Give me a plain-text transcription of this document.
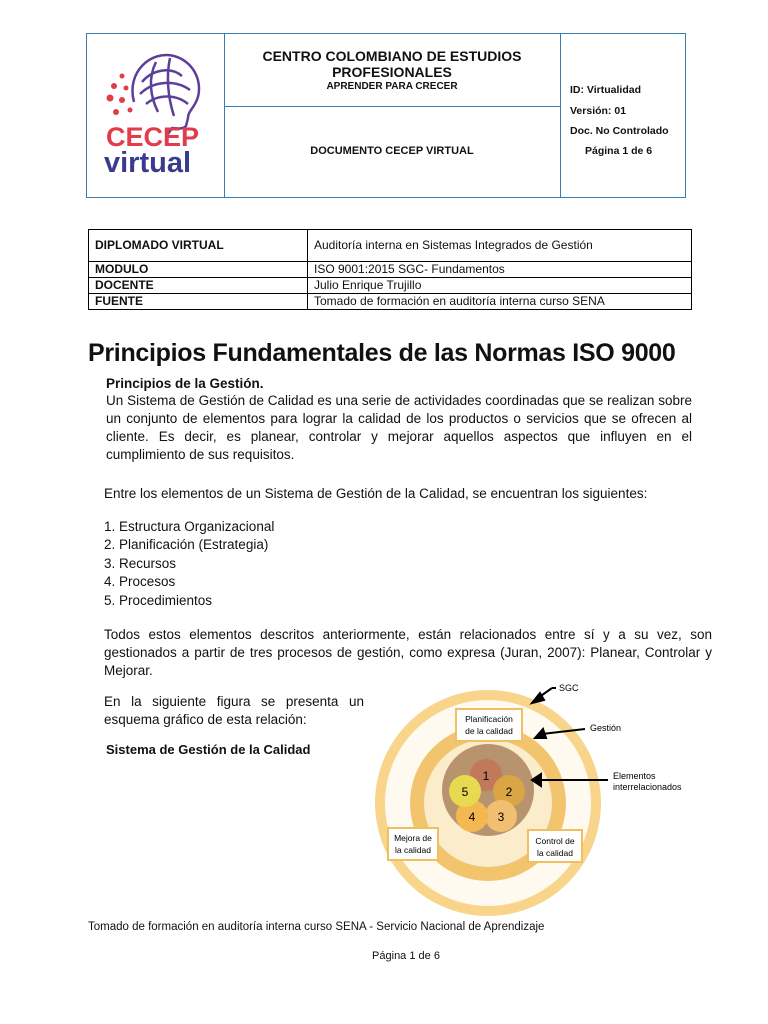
CECEP
virtual
CENTRO COLOMBIANO DE ESTUDIOS
PROFESIONALES
APRENDER PARA CRECER
DOCUMENTO CECEP VIRTUAL
ID: Virtualidad
Versión: 01
Doc. No Controlado
Página 1 de 6
DIPLOMADO VIRTUAL	Auditoría interna en Sistemas Integrados de Gestión
MODULO	ISO 9001:2015 SGC- Fundamentos
DOCENTE	Julio Enrique Trujillo
FUENTE	Tomado de formación en auditoría interna curso SENA
Principios Fundamentales de las Normas ISO 9000
Principios de la Gestión.
Un Sistema de Gestión de Calidad es una serie de actividades coordinadas que se realizan sobre un conjunto de elementos para lograr la calidad de los productos o servicios que se ofrecen al cliente. Es decir, es planear, controlar y mejorar aquellos aspectos que influyen en el cumplimiento de sus requisitos.
Entre los elementos de un Sistema de Gestión de la Calidad, se encuentran los siguientes:
1. Estructura Organizacional
2. Planificación (Estrategia)
3. Recursos
4. Procesos
5. Procedimientos
Todos estos elementos descritos anteriormente, están relacionados entre sí y a su vez, son gestionados a partir de tres procesos de gestión, como expresa (Juran, 2007): Planear, Controlar y Mejorar.
En la siguiente figura se presenta un esquema gráfico de esta relación:
Sistema de Gestión de la Calidad
1
2
3
4
5
Planificación
de la calidad
Mejora de
la calidad
Control de
la calidad
SGC
Gestión
Elementos
interrelacionados
Tomado de formación en auditoría interna curso SENA - Servicio Nacional de Aprendizaje
Página 1 de 6
